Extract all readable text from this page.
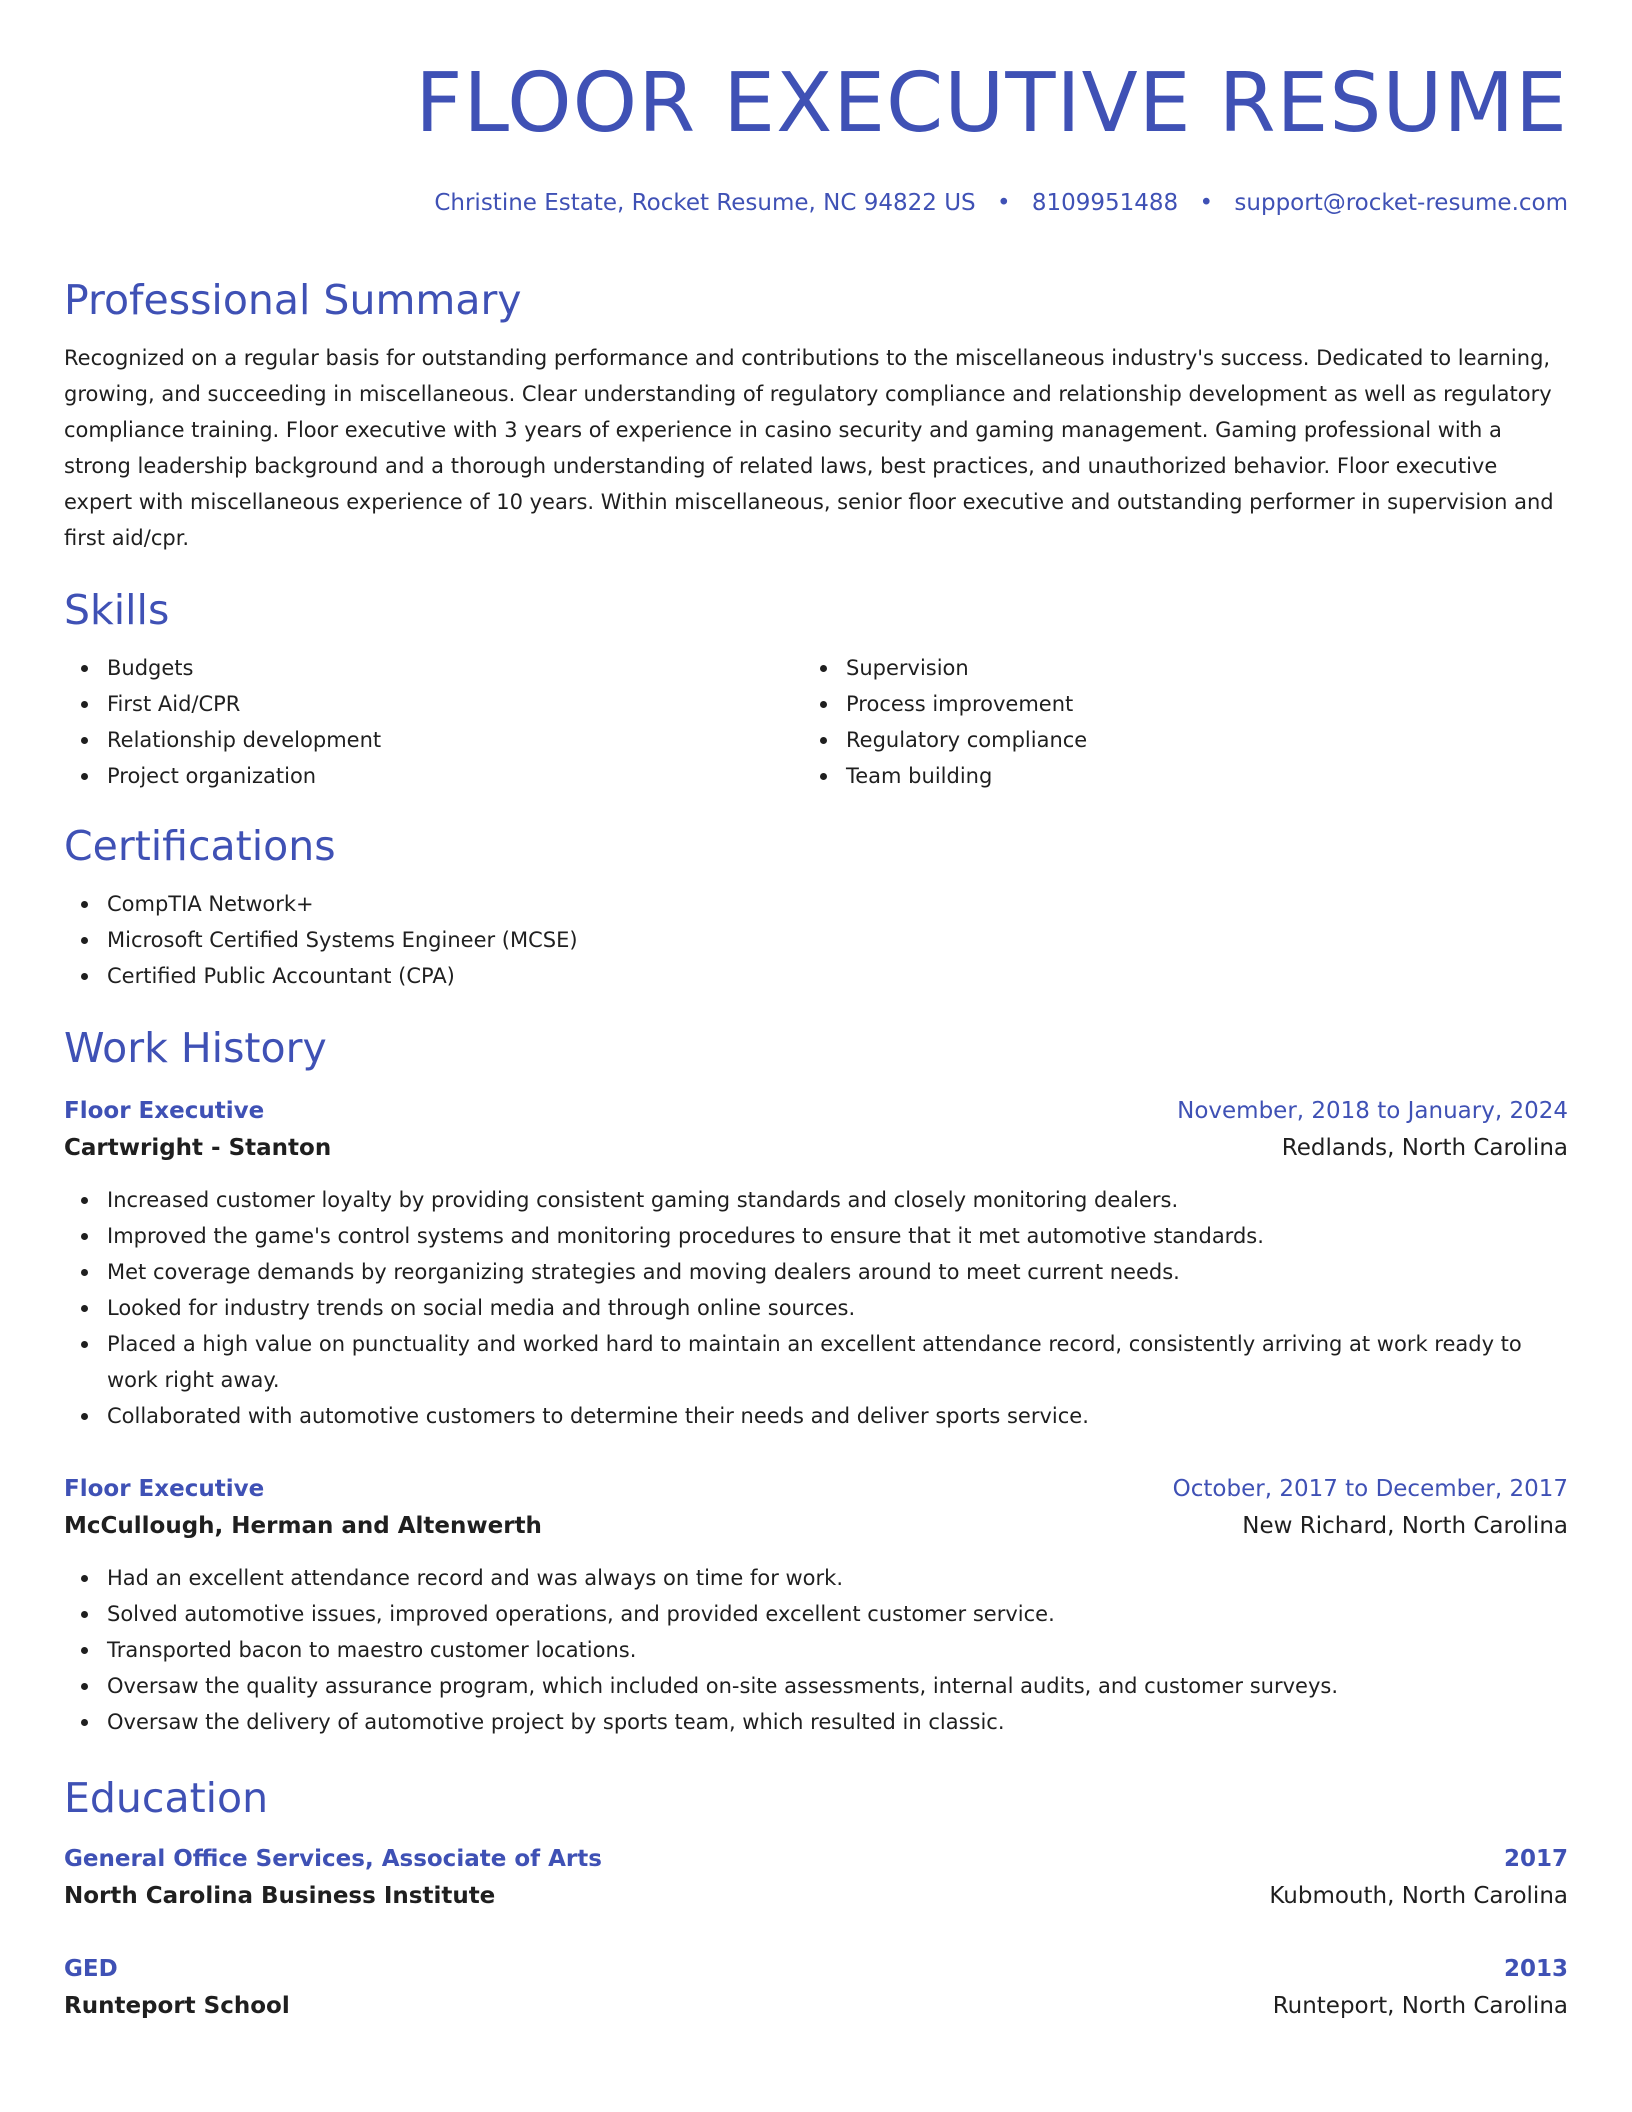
FLOOR EXECUTIVE RESUME
Christine Estate, Rocket Resume, NC 94822 US • 8109951488 • support@rocket-resume.com
Professional Summary
Recognized on a regular basis for outstanding performance and contributions to the miscellaneous industry's success. Dedicated to learning, growing, and succeeding in miscellaneous. Clear understanding of regulatory compliance and relationship development as well as regulatory compliance training. Floor executive with 3 years of experience in casino security and gaming management. Gaming professional with a strong leadership background and a thorough understanding of related laws, best practices, and unauthorized behavior. Floor executive expert with miscellaneous experience of 10 years. Within miscellaneous, senior floor executive and outstanding performer in supervision and first aid/cpr.
Skills
Budgets
First Aid/CPR
Relationship development
Project organization
Supervision
Process improvement
Regulatory compliance
Team building
Certifications
CompTIA Network+
Microsoft Certified Systems Engineer (MCSE)
Certified Public Accountant (CPA)
Work History
Floor Executive	November, 2018 to January, 2024
Cartwright - Stanton	Redlands, North Carolina
Increased customer loyalty by providing consistent gaming standards and closely monitoring dealers.
Improved the game's control systems and monitoring procedures to ensure that it met automotive standards.
Met coverage demands by reorganizing strategies and moving dealers around to meet current needs.
Looked for industry trends on social media and through online sources.
Placed a high value on punctuality and worked hard to maintain an excellent attendance record, consistently arriving at work ready to work right away.
Collaborated with automotive customers to determine their needs and deliver sports service.
Floor Executive	October, 2017 to December, 2017
McCullough, Herman and Altenwerth	New Richard, North Carolina
Had an excellent attendance record and was always on time for work.
Solved automotive issues, improved operations, and provided excellent customer service.
Transported bacon to maestro customer locations.
Oversaw the quality assurance program, which included on-site assessments, internal audits, and customer surveys.
Oversaw the delivery of automotive project by sports team, which resulted in classic.
Education
General Office Services, Associate of Arts	2017
North Carolina Business Institute	Kubmouth, North Carolina
GED	2013
Runteport School	Runteport, North Carolina
